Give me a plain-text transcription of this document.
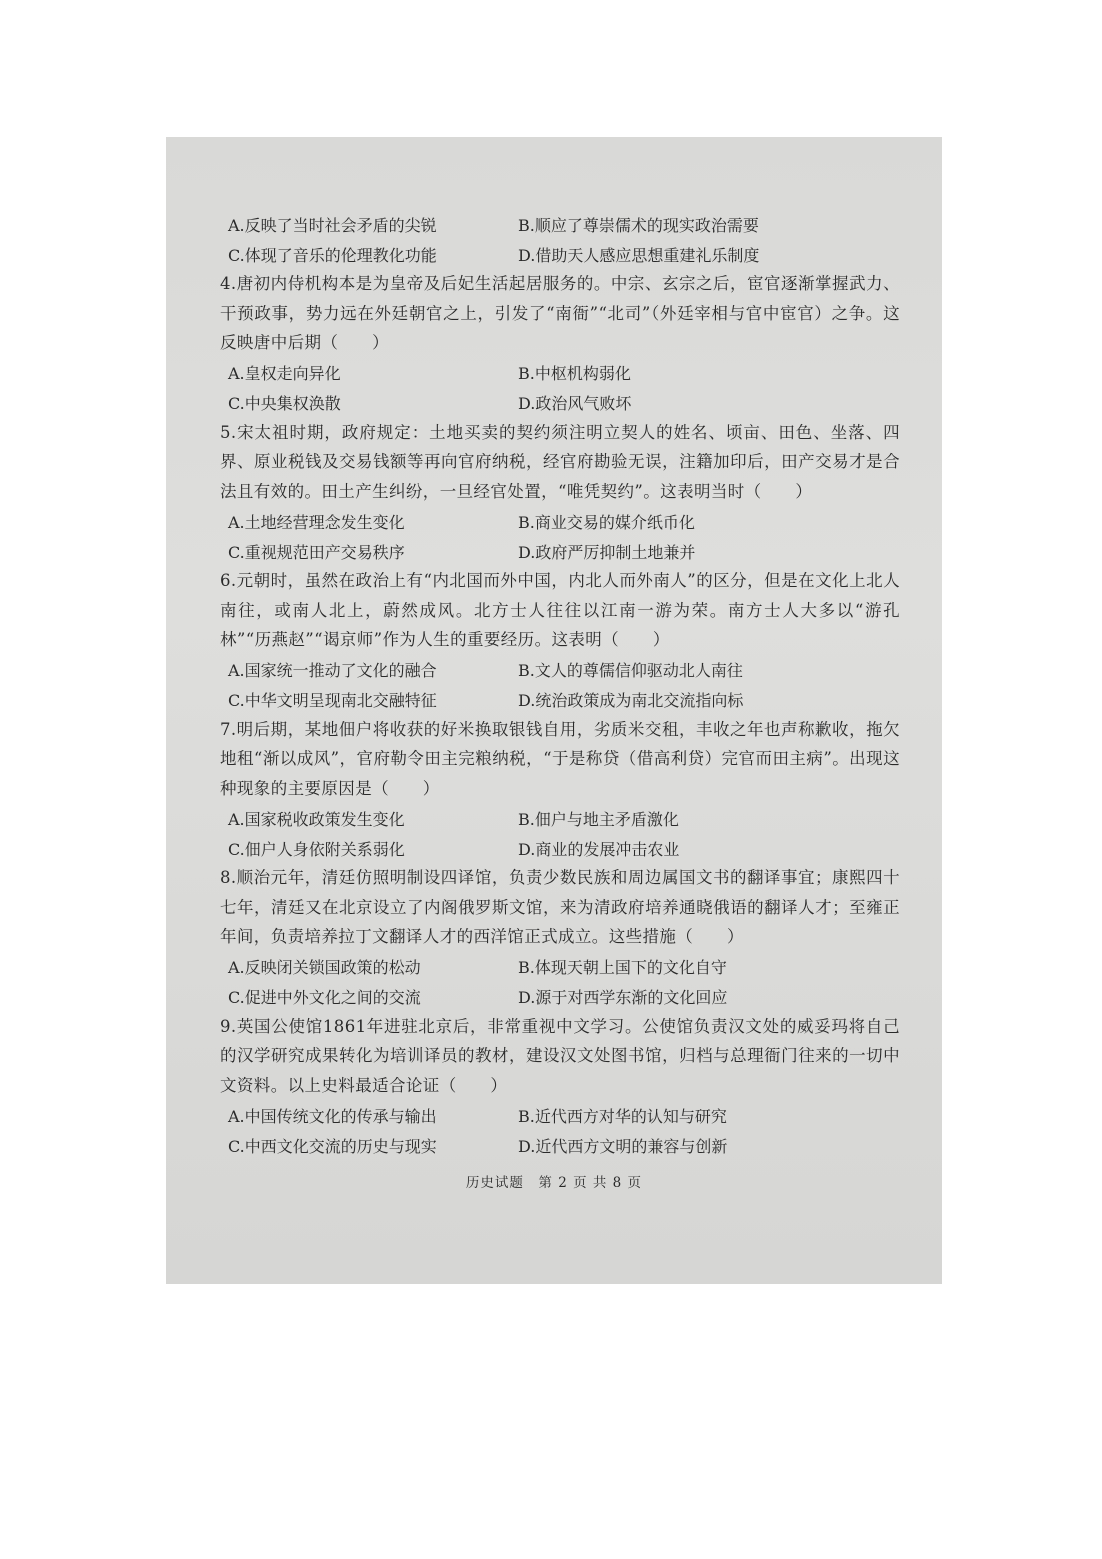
A.反映了当时社会矛盾的尖锐	B.顺应了尊崇儒术的现实政治需要
C.体现了音乐的伦理教化功能	D.借助天人感应思想重建礼乐制度

4.唐初内侍机构本是为皇帝及后妃生活起居服务的。中宗、玄宗之后，宦官逐渐掌握武力、干预政事，势力远在外廷朝官之上，引发了“南衙”“北司”（外廷宰相与官中宦官）之争。这反映唐中后期（　　）

A.皇权走向异化	B.中枢机构弱化
C.中央集权涣散	D.政治风气败坏

5.宋太祖时期，政府规定：土地买卖的契约须注明立契人的姓名、顷亩、田色、坐落、四界、原业税钱及交易钱额等再向官府纳税，经官府勘验无误，注籍加印后，田产交易才是合法且有效的。田土产生纠纷，一旦经官处置，“唯凭契约”。这表明当时（　　）

A.土地经营理念发生变化	B.商业交易的媒介纸币化
C.重视规范田产交易秩序	D.政府严厉抑制土地兼并

6.元朝时，虽然在政治上有“内北国而外中国，内北人而外南人”的区分，但是在文化上北人南往，或南人北上，蔚然成风。北方士人往往以江南一游为荣。南方士人大多以“游孔林”“历燕赵”“谒京师”作为人生的重要经历。这表明（　　）

A.国家统一推动了文化的融合	B.文人的尊儒信仰驱动北人南往
C.中华文明呈现南北交融特征	D.统治政策成为南北交流指向标

7.明后期，某地佃户将收获的好米换取银钱自用，劣质米交租，丰收之年也声称歉收，拖欠地租“渐以成风”，官府勒令田主完粮纳税，“于是称贷（借高利贷）完官而田主病”。出现这种现象的主要原因是（　　）

A.国家税收政策发生变化	B.佃户与地主矛盾激化
C.佃户人身依附关系弱化	D.商业的发展冲击农业

8.顺治元年，清廷仿照明制设四译馆，负责少数民族和周边属国文书的翻译事宜；康熙四十七年，清廷又在北京设立了内阁俄罗斯文馆，来为清政府培养通晓俄语的翻译人才；至雍正年间，负责培养拉丁文翻译人才的西洋馆正式成立。这些措施（　　）

A.反映闭关锁国政策的松动	B.体现天朝上国下的文化自守
C.促进中外文化之间的交流	D.源于对西学东渐的文化回应

9.英国公使馆1861年进驻北京后，非常重视中文学习。公使馆负责汉文处的威妥玛将自己的汉学研究成果转化为培训译员的教材，建设汉文处图书馆，归档与总理衙门往来的一切中文资料。以上史料最适合论证（　　）

A.中国传统文化的传承与输出	B.近代西方对华的认知与研究
C.中西文化交流的历史与现实	D.近代西方文明的兼容与创新
历史试题　第 2 页 共 8 页
